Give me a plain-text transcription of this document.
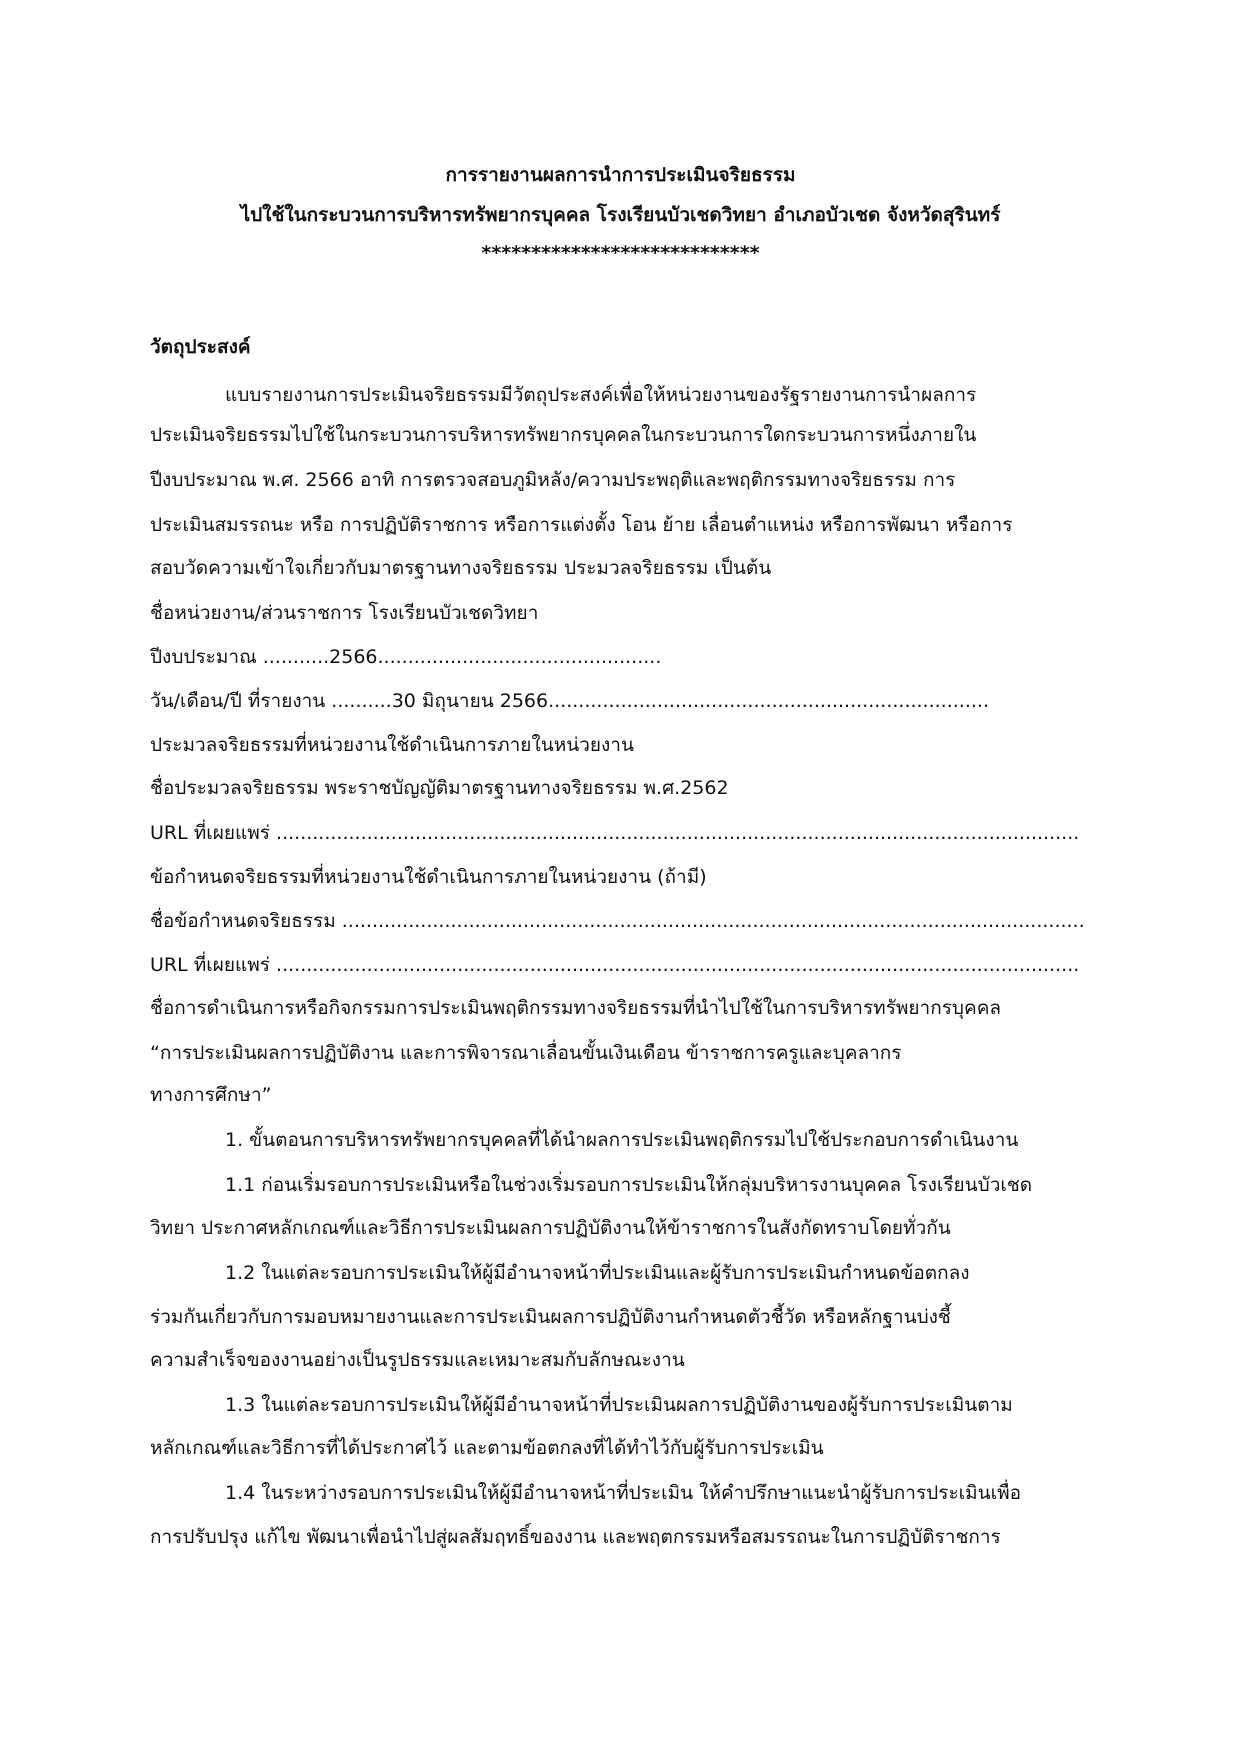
การรายงานผลการนำการประเมินจริยธรรม
ไปใช้ในกระบวนการบริหารทรัพยากรบุคคล โรงเรียนบัวเชดวิทยา อำเภอบัวเชด จังหวัดสุรินทร์
****************************
วัตถุประสงค์
แบบรายงานการประเมินจริยธรรมมีวัตถุประสงค์เพื่อให้หน่วยงานของรัฐรายงานการนำผลการ
ประเมินจริยธรรมไปใช้ในกระบวนการบริหารทรัพยากรบุคคลในกระบวนการใดกระบวนการหนึ่งภายใน
ปีงบประมาณ พ.ศ. 2566 อาทิ การตรวจสอบภูมิหลัง/ความประพฤติและพฤติกรรมทางจริยธรรม การ
ประเมินสมรรถนะ หรือ การปฏิบัติราชการ หรือการแต่งตั้ง โอน ย้าย เลื่อนตำแหน่ง หรือการพัฒนา หรือการ
สอบวัดความเข้าใจเกี่ยวกับมาตรฐานทางจริยธรรม ประมวลจริยธรรม เป็นต้น
ชื่อหน่วยงาน/ส่วนราชการ โรงเรียนบัวเชดวิทยา
ปีงบประมาณ ...........2566...............................................
วัน/เดือน/ปี ที่รายงาน ..........30 มิถุนายน 2566.........................................................................
ประมวลจริยธรรมที่หน่วยงานใช้ดำเนินการภายในหน่วยงาน
ชื่อประมวลจริยธรรม พระราชบัญญัติมาตรฐานทางจริยธรรม พ.ศ.2562
URL ที่เผยแพร่ .....................................................................................................................................
ข้อกำหนดจริยธรรมที่หน่วยงานใช้ดำเนินการภายในหน่วยงาน (ถ้ามี)
ชื่อข้อกำหนดจริยธรรม ...........................................................................................................................
URL ที่เผยแพร่ .....................................................................................................................................
ชื่อการดำเนินการหรือกิจกรรมการประเมินพฤติกรรมทางจริยธรรมที่นำไปใช้ในการบริหารทรัพยากรบุคคล
“การประเมินผลการปฏิบัติงาน และการพิจารณาเลื่อนขั้นเงินเดือน ข้าราชการครูและบุคลากร
ทางการศึกษา”
1. ขั้นตอนการบริหารทรัพยากรบุคคลที่ได้นำผลการประเมินพฤติกรรมไปใช้ประกอบการดำเนินงาน
1.1 ก่อนเริ่มรอบการประเมินหรือในช่วงเริ่มรอบการประเมินให้กลุ่มบริหารงานบุคคล โรงเรียนบัวเชด
วิทยา ประกาศหลักเกณฑ์และวิธีการประเมินผลการปฏิบัติงานให้ข้าราชการในสังกัดทราบโดยทั่วกัน
1.2 ในแต่ละรอบการประเมินให้ผู้มีอำนาจหน้าที่ประเมินและผู้รับการประเมินกำหนดข้อตกลง
ร่วมกันเกี่ยวกับการมอบหมายงานและการประเมินผลการปฏิบัติงานกำหนดตัวชี้วัด หรือหลักฐานบ่งชี้
ความสำเร็จของงานอย่างเป็นรูปธรรมและเหมาะสมกับลักษณะงาน
1.3 ในแต่ละรอบการประเมินให้ผู้มีอำนาจหน้าที่ประเมินผลการปฏิบัติงานของผู้รับการประเมินตาม
หลักเกณฑ์และวิธีการที่ได้ประกาศไว้ และตามข้อตกลงที่ได้ทำไว้กับผู้รับการประเมิน
1.4 ในระหว่างรอบการประเมินให้ผู้มีอำนาจหน้าที่ประเมิน ให้คำปรึกษาแนะนำผู้รับการประเมินเพื่อ
การปรับปรุง แก้ไข พัฒนาเพื่อนำไปสู่ผลสัมฤทธิ์ของงาน และพฤตกรรมหรือสมรรถนะในการปฏิบัติราชการ
